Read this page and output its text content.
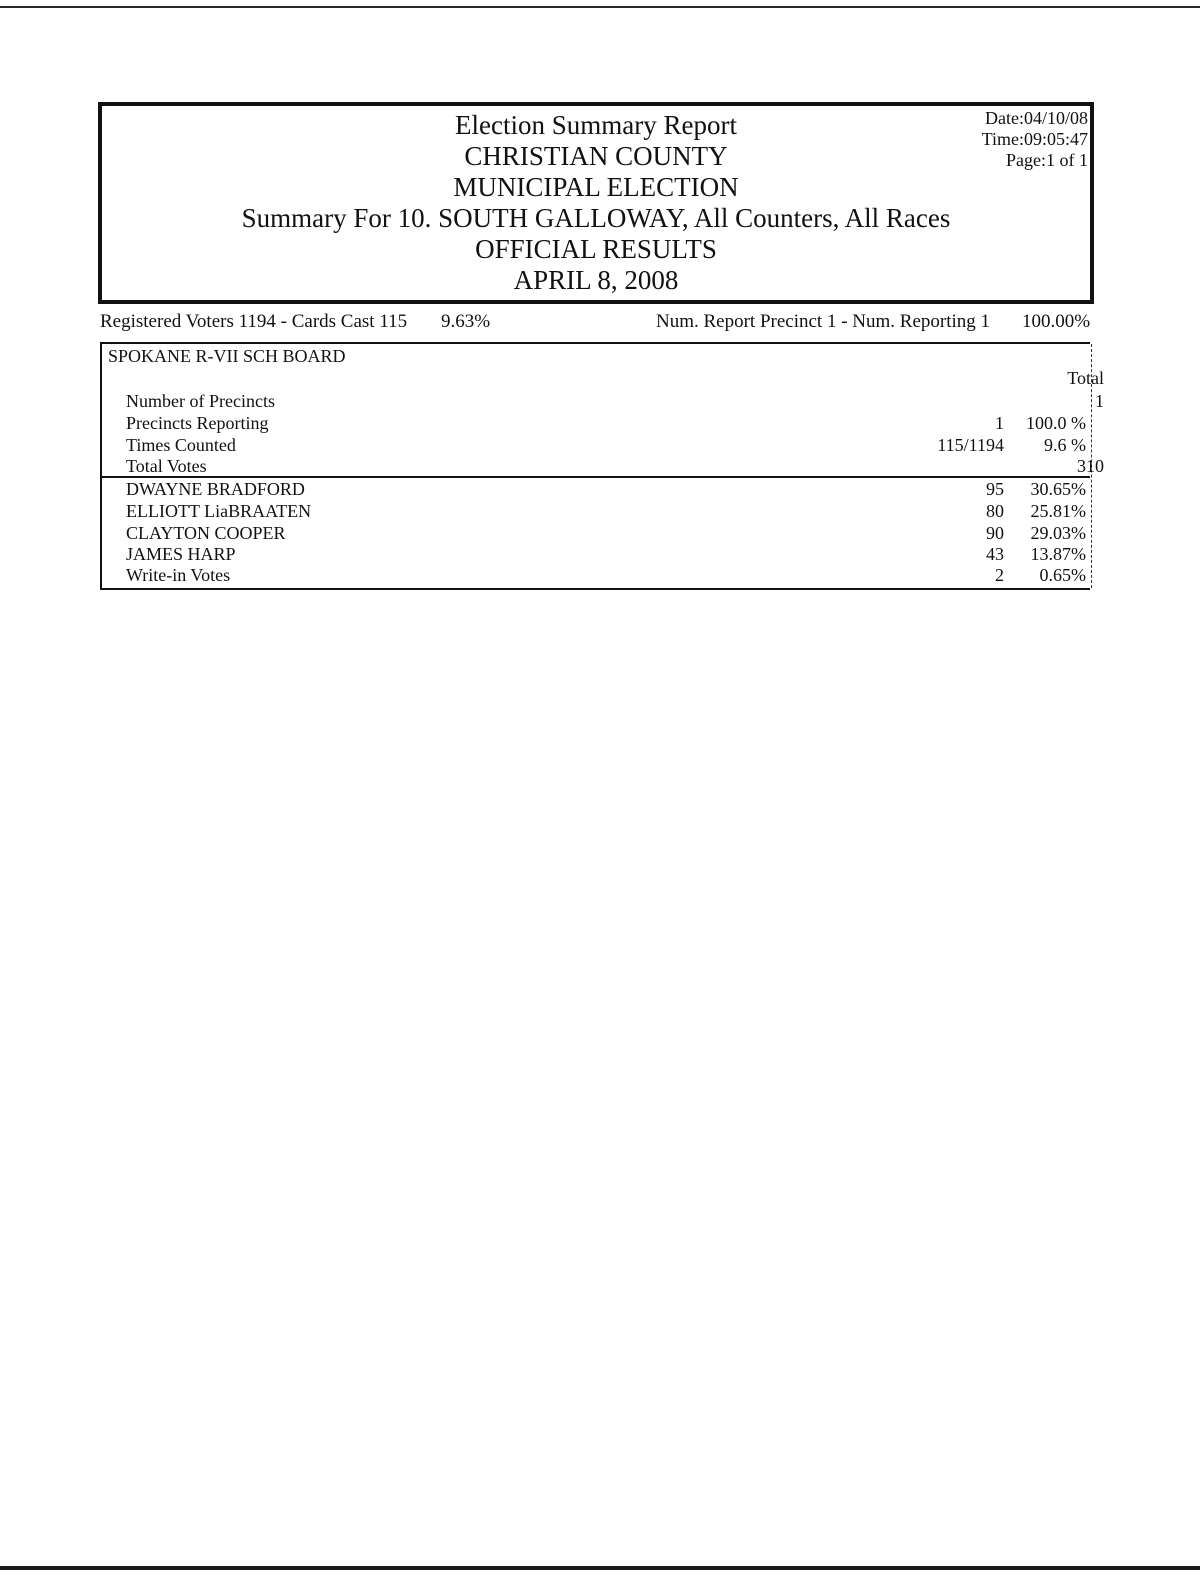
Election Summary Report
CHRISTIAN COUNTY
MUNICIPAL ELECTION
Summary For 10. SOUTH GALLOWAY, All Counters, All Races
OFFICIAL RESULTS
APRIL 8, 2008
Date:04/10/08
Time:09:05:47
Page:1 of 1
Registered Voters 1194 - Cards Cast 115 9.63%	Num. Report Precinct 1 - Num. Reporting 1 100.00%
SPOKANE R-VII SCH BOARD
Total
Number of Precincts	1
Precincts Reporting	1	100.0 %
Times Counted	115/1194	9.6 %
Total Votes	310
DWAYNE BRADFORD	95	30.65%
ELLIOTT LiaBRAATEN	80	25.81%
CLAYTON COOPER	90	29.03%
JAMES HARP	43	13.87%
Write-in Votes	2	0.65%
